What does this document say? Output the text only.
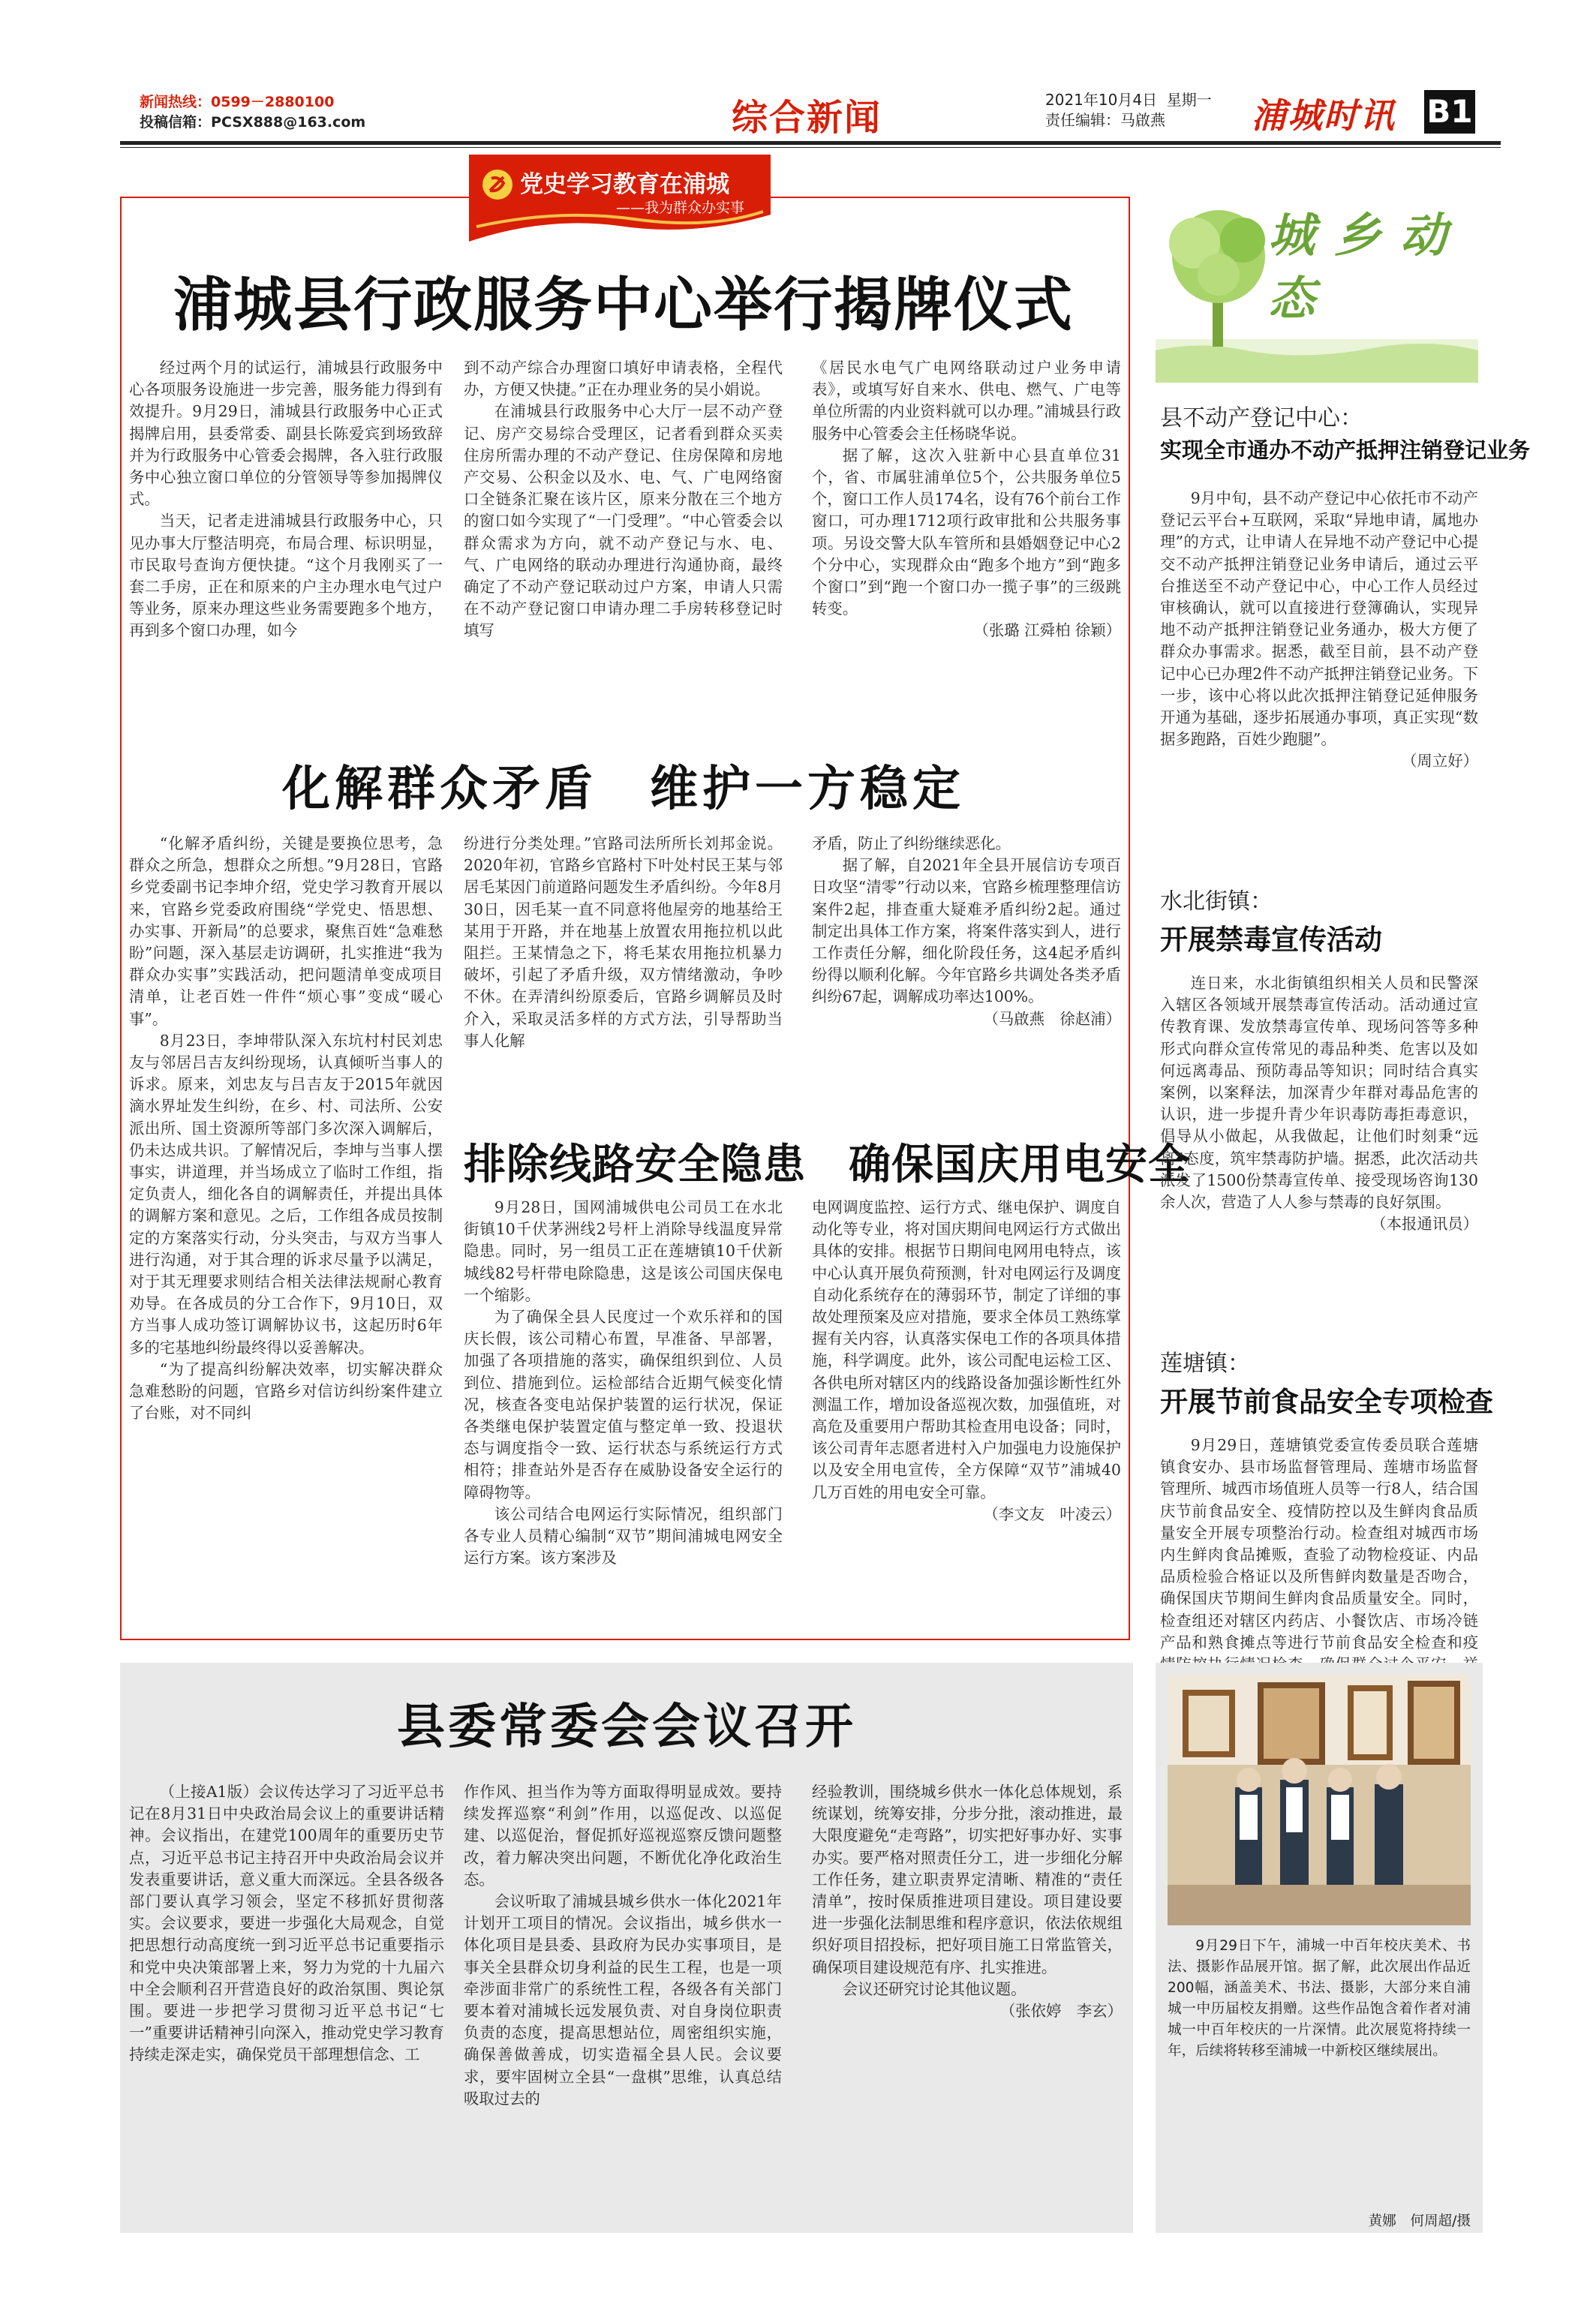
新闻热线：0599－2880100
投稿信箱：PCSX888@163.com	综合新闻	2021年10月4日 星期一
责任编辑：马啟燕	浦城时讯 B1
党史学习教育在浦城
——我为群众办实事
浦城县行政服务中心举行揭牌仪式

经过两个月的试运行，浦城县行政服务中心各项服务设施进一步完善，服务能力得到有效提升。9月29日，浦城县行政服务中心正式揭牌启用，县委常委、副县长陈爱宾到场致辞并为行政服务中心管委会揭牌，各入驻行政服务中心独立窗口单位的分管领导等参加揭牌仪式。

当天，记者走进浦城县行政服务中心，只见办事大厅整洁明亮，布局合理、标识明显，市民取号查询方便快捷。“这个月我刚买了一套二手房，正在和原来的户主办理水电气过户等业务，原来办理这些业务需要跑多个地方，再到多个窗口办理，如今

到不动产综合办理窗口填好申请表格，全程代办，方便又快捷。”正在办理业务的吴小娟说。

在浦城县行政服务中心大厅一层不动产登记、房产交易综合受理区，记者看到群众买卖住房所需办理的不动产登记、住房保障和房地产交易、公积金以及水、电、气、广电网络窗口全链条汇聚在该片区，原来分散在三个地方的窗口如今实现了“一门受理”。“中心管委会以群众需求为方向，就不动产登记与水、电、气、广电网络的联动办理进行沟通协商，最终确定了不动产登记联动过户方案，申请人只需在不动产登记窗口申请办理二手房转移登记时填写

《居民水电气广电网络联动过户业务申请表》，或填写好自来水、供电、燃气、广电等单位所需的内业资料就可以办理。”浦城县行政服务中心管委会主任杨晓华说。

据了解，这次入驻新中心县直单位31个，省、市属驻浦单位5个，公共服务单位5个，窗口工作人员174名，设有76个前台工作窗口，可办理1712项行政审批和公共服务事项。另设交警大队车管所和县婚姻登记中心2个分中心，实现群众由“跑多个地方”到“跑多个窗口”到“跑一个窗口办一揽子事”的三级跳转变。

（张璐 江舜柏 徐颖）

化解群众矛盾　维护一方稳定

“化解矛盾纠纷，关键是要换位思考，急群众之所急，想群众之所想。”9月28日，官路乡党委副书记李坤介绍，党史学习教育开展以来，官路乡党委政府围绕“学党史、悟思想、办实事、开新局”的总要求，聚焦百姓“急难愁盼”问题，深入基层走访调研，扎实推进“我为群众办实事”实践活动，把问题清单变成项目清单，让老百姓一件件“烦心事”变成“暖心事”。

8月23日，李坤带队深入东坑村村民刘忠友与邻居吕吉友纠纷现场，认真倾听当事人的诉求。原来，刘忠友与吕吉友于2015年就因滴水界址发生纠纷，在乡、村、司法所、公安派出所、国土资源所等部门多次深入调解后，仍未达成共识。了解情况后，李坤与当事人摆事实，讲道理，并当场成立了临时工作组，指定负责人，细化各自的调解责任，并提出具体的调解方案和意见。之后，工作组各成员按制定的方案落实行动，分头突击，与双方当事人进行沟通，对于其合理的诉求尽量予以满足，对于其无理要求则结合相关法律法规耐心教育劝导。在各成员的分工合作下，9月10日，双方当事人成功签订调解协议书，这起历时6年多的宅基地纠纷最终得以妥善解决。

“为了提高纠纷解决效率，切实解决群众急难愁盼的问题，官路乡对信访纠纷案件建立了台账，对不同纠

纷进行分类处理。”官路司法所所长刘邦金说。2020年初，官路乡官路村下叶处村民王某与邻居毛某因门前道路问题发生矛盾纠纷。今年8月30日，因毛某一直不同意将他屋旁的地基给王某用于开路，并在地基上放置农用拖拉机以此阻拦。王某情急之下，将毛某农用拖拉机暴力破坏，引起了矛盾升级，双方情绪激动，争吵不休。在弄清纠纷原委后，官路乡调解员及时介入，采取灵活多样的方式方法，引导帮助当事人化解

矛盾，防止了纠纷继续恶化。

据了解，自2021年全县开展信访专项百日攻坚“清零”行动以来，官路乡梳理整理信访案件2起，排查重大疑难矛盾纠纷2起。通过制定出具体工作方案，将案件落实到人，进行工作责任分解，细化阶段任务，这4起矛盾纠纷得以顺利化解。今年官路乡共调处各类矛盾纠纷67起，调解成功率达100%。

（马啟燕　徐赵浦）

排除线路安全隐患　确保国庆用电安全

9月28日，国网浦城供电公司员工在水北街镇10千伏茅洲线2号杆上消除导线温度异常隐患。同时，另一组员工正在莲塘镇10千伏新城线82号杆带电除隐患，这是该公司国庆保电一个缩影。

为了确保全县人民度过一个欢乐祥和的国庆长假，该公司精心布置，早准备、早部署，加强了各项措施的落实，确保组织到位、人员到位、措施到位。运检部结合近期气候变化情况，核查各变电站保护装置的运行状况，保证各类继电保护装置定值与整定单一致、投退状态与调度指令一致、运行状态与系统运行方式相符；排查站外是否存在威胁设备安全运行的障碍物等。

该公司结合电网运行实际情况，组织部门各专业人员精心编制“双节”期间浦城电网安全运行方案。该方案涉及

电网调度监控、运行方式、继电保护、调度自动化等专业，将对国庆期间电网运行方式做出具体的安排。根据节日期间电网用电特点，该中心认真开展负荷预测，针对电网运行及调度自动化系统存在的薄弱环节，制定了详细的事故处理预案及应对措施，要求全体员工熟练掌握有关内容，认真落实保电工作的各项具体措施，科学调度。此外，该公司配电运检工区、各供电所对辖区内的线路设备加强诊断性红外测温工作，增加设备巡视次数，加强值班，对高危及重要用户帮助其检查用电设备；同时，该公司青年志愿者进村入户加强电力设施保护以及安全用电宣传，全方保障“双节”浦城40几万百姓的用电安全可靠。

（李文友　叶凌云）

县委常委会会议召开

（上接A1版）会议传达学习了习近平总书记在8月31日中央政治局会议上的重要讲话精神。会议指出，在建党100周年的重要历史节点，习近平总书记主持召开中央政治局会议并发表重要讲话，意义重大而深远。全县各级各部门要认真学习领会，坚定不移抓好贯彻落实。会议要求，要进一步强化大局观念，自觉把思想行动高度统一到习近平总书记重要指示和党中央决策部署上来，努力为党的十九届六中全会顺利召开营造良好的政治氛围、舆论氛围。要进一步把学习贯彻习近平总书记“七一”重要讲话精神引向深入，推动党史学习教育持续走深走实，确保党员干部理想信念、工

作作风、担当作为等方面取得明显成效。要持续发挥巡察“利剑”作用，以巡促改、以巡促建、以巡促治，督促抓好巡视巡察反馈问题整改，着力解决突出问题，不断优化净化政治生态。

会议听取了浦城县城乡供水一体化2021年计划开工项目的情况。会议指出，城乡供水一体化项目是县委、县政府为民办实事项目，是事关全县群众切身利益的民生工程，也是一项牵涉面非常广的系统性工程，各级各有关部门要本着对浦城长远发展负责、对自身岗位职责负责的态度，提高思想站位，周密组织实施，确保善做善成，切实造福全县人民。会议要求，要牢固树立全县“一盘棋”思维，认真总结吸取过去的

经验教训，围绕城乡供水一体化总体规划，系统谋划，统筹安排，分步分批，滚动推进，最大限度避免“走弯路”，切实把好事办好、实事办实。要严格对照责任分工，进一步细化分解工作任务，建立职责界定清晰、精准的“责任清单”，按时保质推进项目建设。项目建设要进一步强化法制思维和程序意识，依法依规组织好项目招投标，把好项目施工日常监管关，确保项目建设规范有序、扎实推进。

会议还研究讨论其他议题。

（张依婷　李玄）

城乡动态
县不动产登记中心：
实现全市通办不动产抵押注销登记业务

9月中旬，县不动产登记中心依托市不动产登记云平台+互联网，采取“异地申请，属地办理”的方式，让申请人在异地不动产登记中心提交不动产抵押注销登记业务申请后，通过云平台推送至不动产登记中心，中心工作人员经过审核确认，就可以直接进行登簿确认，实现异地不动产抵押注销登记业务通办，极大方便了群众办事需求。据悉，截至目前，县不动产登记中心已办理2件不动产抵押注销登记业务。下一步，该中心将以此次抵押注销登记延伸服务开通为基础，逐步拓展通办事项，真正实现“数据多跑路，百姓少跑腿”。

（周立好）

水北街镇：
开展禁毒宣传活动

连日来，水北街镇组织相关人员和民警深入辖区各领域开展禁毒宣传活动。活动通过宣传教育课、发放禁毒宣传单、现场问答等多种形式向群众宣传常见的毒品种类、危害以及如何远离毒品、预防毒品等知识；同时结合真实案例，以案释法，加深青少年群对毒品危害的认识，进一步提升青少年识毒防毒拒毒意识，倡导从小做起，从我做起，让他们时刻秉“远离”态度，筑牢禁毒防护墙。据悉，此次活动共派发了1500份禁毒宣传单、接受现场咨询130余人次，营造了人人参与禁毒的良好氛围。

（本报通讯员）

莲塘镇：
开展节前食品安全专项检查

9月29日，莲塘镇党委宣传委员联合莲塘镇食安办、县市场监督管理局、莲塘市场监督管理所、城西市场值班人员等一行8人，结合国庆节前食品安全、疫情防控以及生鲜肉食品质量安全开展专项整治行动。检查组对城西市场内生鲜肉食品摊贩，查验了动物检疫证、内品品质检验合格证以及所售鲜肉数量是否吻合，确保国庆节期间生鲜肉食品质量安全。同时，检查组还对辖区内药店、小餐饮店、市场冷链产品和熟食摊点等进行节前食品安全检查和疫

9月29日下午，浦城一中百年校庆美术、书法、摄影作品展开馆。据了解，此次展出作品近200幅，涵盖美术、书法、摄影，大部分来自浦城一中历届校友捐赠。这些作品饱含着作者对浦城一中百年校庆的一片深情。此次展览将持续一年，后续将转移至浦城一中新校区继续展出。
黄娜　何周超/摄
